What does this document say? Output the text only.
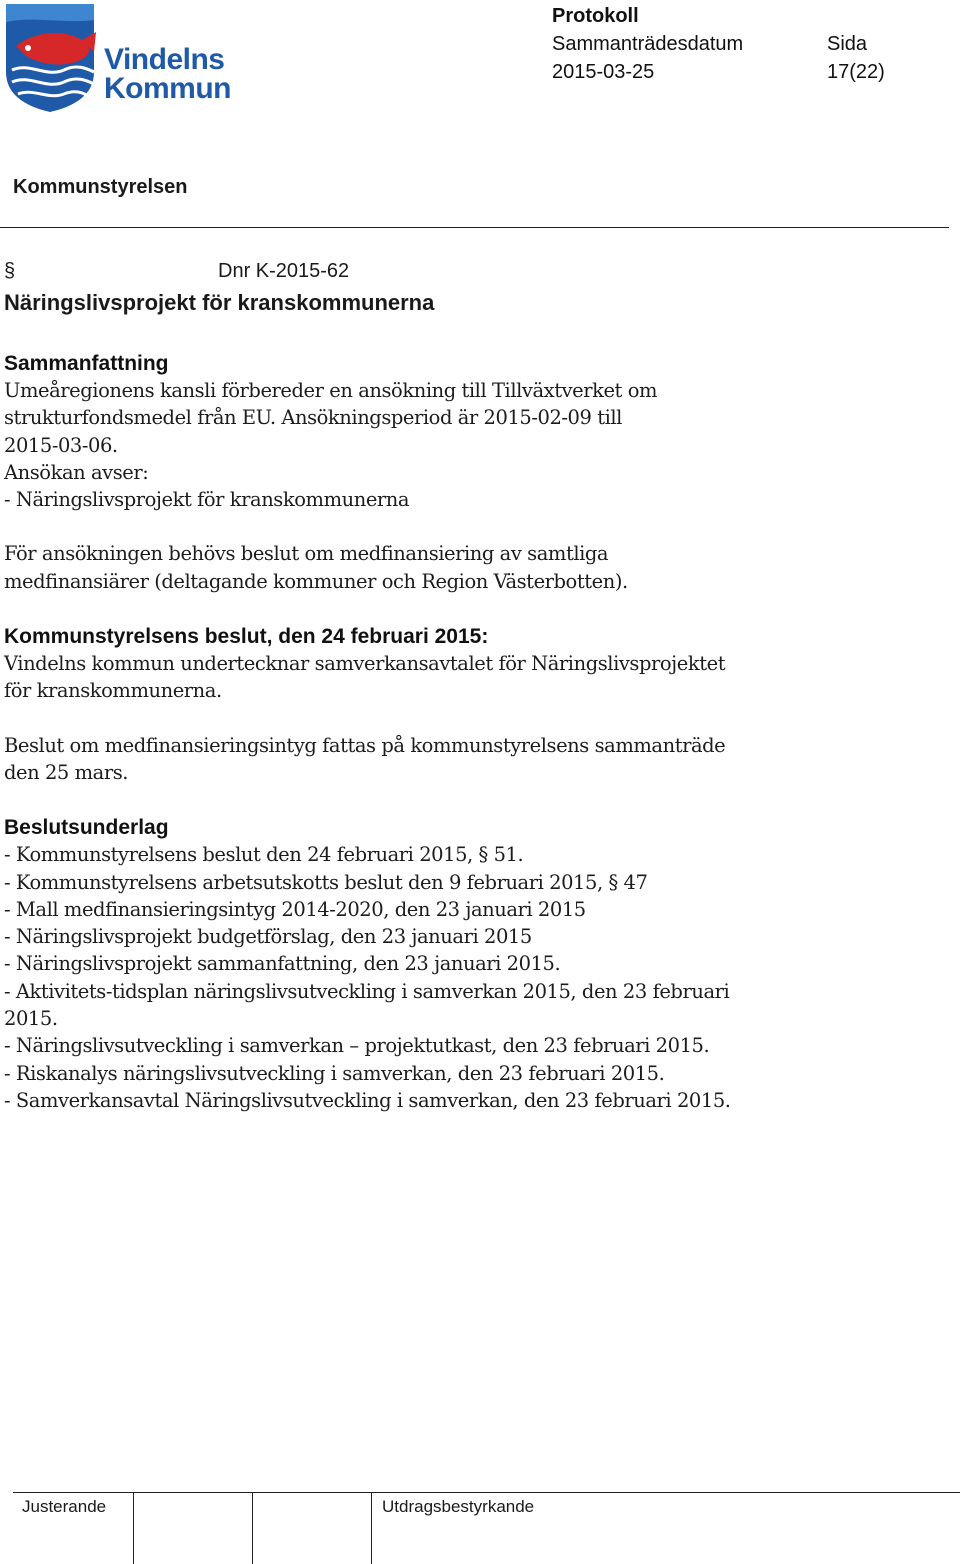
Vindelns
Kommun
Protokoll
Sammanträdesdatum
2015-03-25
Sida
17(22)
Kommunstyrelsen
§	Dnr K-2015-62
Näringslivsprojekt för kranskommunerna

Sammanfattning

Umeåregionens kansli förbereder en ansökning till Tillväxtverket om

strukturfondsmedel från EU. Ansökningsperiod är 2015-02-09 till

2015-03-06.

Ansökan avser:

- Näringslivsprojekt för kranskommunerna

För ansökningen behövs beslut om medfinansiering av samtliga

medfinansiärer (deltagande kommuner och Region Västerbotten).

Kommunstyrelsens beslut, den 24 februari 2015:

Vindelns kommun undertecknar samverkansavtalet för Näringslivsprojektet

för kranskommunerna.

Beslut om medfinansieringsintyg fattas på kommunstyrelsens sammanträde

den 25 mars.

Beslutsunderlag

- Kommunstyrelsens beslut den 24 februari 2015, § 51.

- Kommunstyrelsens arbetsutskotts beslut den 9 februari 2015, § 47

- Mall medfinansieringsintyg 2014-2020, den 23 januari 2015

- Näringslivsprojekt budgetförslag, den 23 januari 2015

- Näringslivsprojekt sammanfattning, den 23 januari 2015.

- Aktivitets-tidsplan näringslivsutveckling i samverkan 2015, den 23 februari

2015.

- Näringslivsutveckling i samverkan – projektutkast, den 23 februari 2015.

- Riskanalys näringslivsutveckling i samverkan, den 23 februari 2015.

- Samverkansavtal Näringslivsutveckling i samverkan, den 23 februari 2015.

Justerande	Utdragsbestyrkande
